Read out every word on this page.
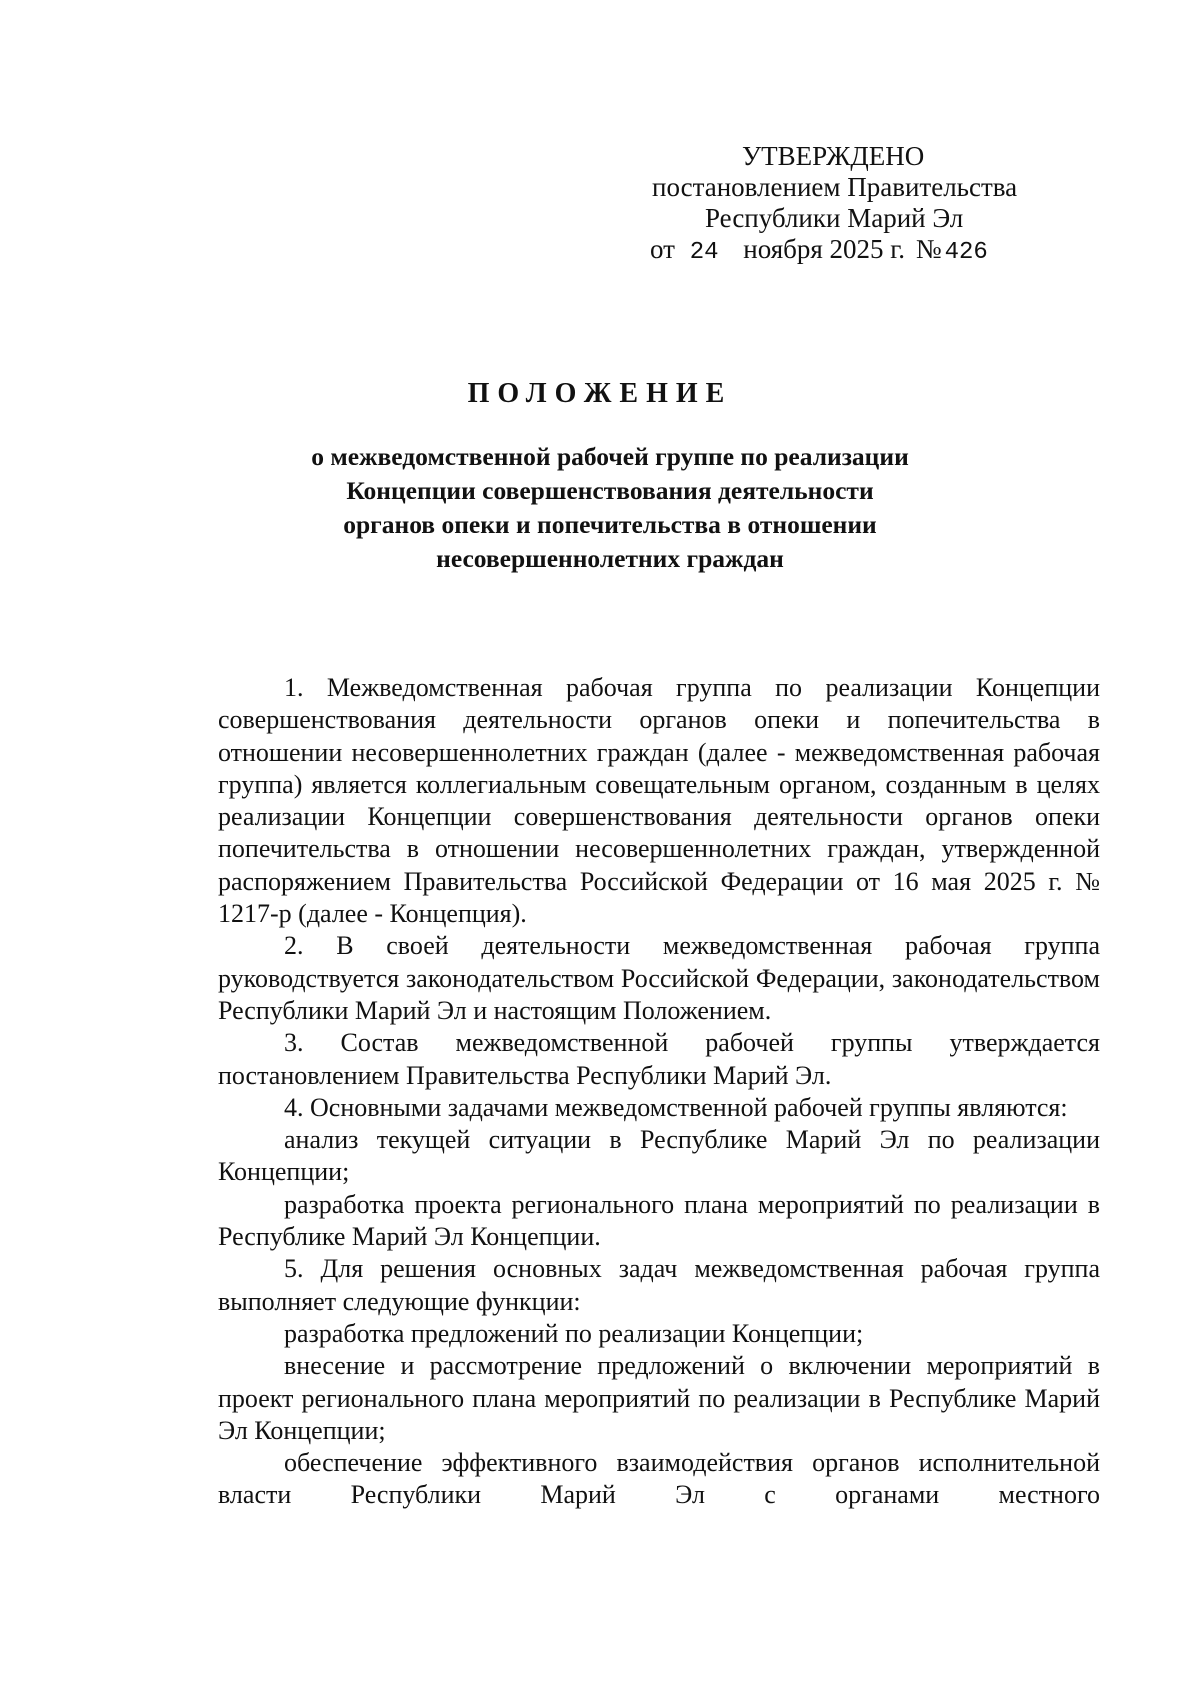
УТВЕРЖДЕНО
постановлением Правительства
Республики Марий Эл
от 24 ноября 2025 г. № 426
ПОЛОЖЕНИЕ
о межведомственной рабочей группе по реализации
Концепции совершенствования деятельности
органов опеки и попечительства в отношении
несовершеннолетних граждан

1. Межведомственная рабочая группа по реализации Концепции совершенствования деятельности органов опеки и попечительства в отношении несовершеннолетних граждан (далее - межведомственная рабочая группа) является коллегиальным совещательным органом, созданным в целях реализации Концепции совершенствования деятельности органов опеки попечительства в отношении несовершеннолетних граждан, утвержденной распоряжением Правительства Российской Федерации от 16 мая 2025 г. № 1217-р (далее - Концепция).

2. В своей деятельности межведомственная рабочая группа руководствуется законодательством Российской Федерации, законодательством Республики Марий Эл и настоящим Положением.

3. Состав межведомственной рабочей группы утверждается постановлением Правительства Республики Марий Эл.

4. Основными задачами межведомственной рабочей группы являются:

анализ текущей ситуации в Республике Марий Эл по реализации Концепции;

разработка проекта регионального плана мероприятий по реализации в Республике Марий Эл Концепции.

5. Для решения основных задач межведомственная рабочая группа выполняет следующие функции:

разработка предложений по реализации Концепции;

внесение и рассмотрение предложений о включении мероприятий в проект регионального плана мероприятий по реализации в Республике Марий Эл Концепции;

обеспечение эффективного взаимодействия органов исполнительной власти Республики Марий Эл с органами местного
